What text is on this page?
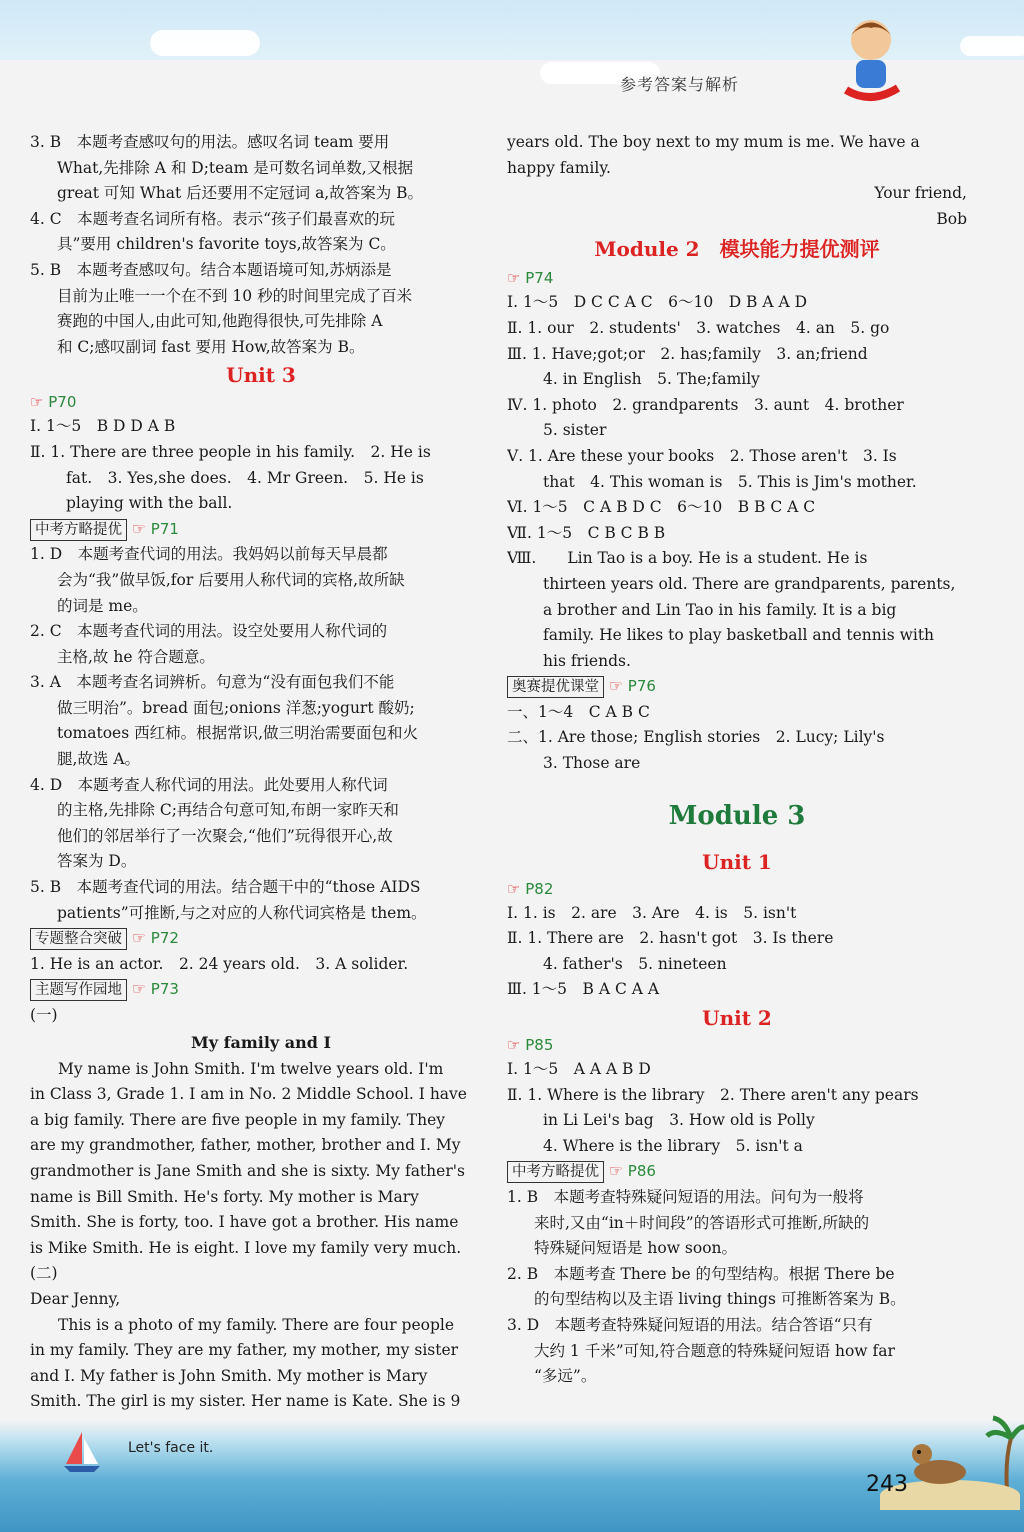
参考答案与解析
3. B　本题考查感叹句的用法。感叹名词 team 要用
What,先排除 A 和 D;team 是可数名词单数,又根据
great 可知 What 后还要用不定冠词 a,故答案为 B。
4. C　本题考查名词所有格。表示“孩子们最喜欢的玩
具”要用 children's favorite toys,故答案为 C。
5. B　本题考查感叹句。结合本题语境可知,苏炳添是
目前为止唯一一个在不到 10 秒的时间里完成了百米
赛跑的中国人,由此可知,他跑得很快,可先排除 A
和 C;感叹副词 fast 要用 How,故答案为 B。
Unit 3
☞ P70
Ⅰ. 1～5　B D D A B
Ⅱ. 1. There are three people in his family.　2. He is
fat.　3. Yes,she does.　4. Mr Green.　5. He is
playing with the ball.
中考方略提优 ☞ P71
1. D　本题考查代词的用法。我妈妈以前每天早晨都
会为“我”做早饭,for 后要用人称代词的宾格,故所缺
的词是 me。
2. C　本题考查代词的用法。设空处要用人称代词的
主格,故 he 符合题意。
3. A　本题考查名词辨析。句意为“没有面包我们不能
做三明治”。bread 面包;onions 洋葱;yogurt 酸奶;
tomatoes 西红柿。根据常识,做三明治需要面包和火
腿,故选 A。
4. D　本题考查人称代词的用法。此处要用人称代词
的主格,先排除 C;再结合句意可知,布朗一家昨天和
他们的邻居举行了一次聚会,“他们”玩得很开心,故
答案为 D。
5. B　本题考查代词的用法。结合题干中的“those AIDS
patients”可推断,与之对应的人称代词宾格是 them。
专题整合突破 ☞ P72
1. He is an actor.　2. 24 years old.　3. A solider.
主题写作园地 ☞ P73
(一)
My family and I
My name is John Smith. I'm twelve years old. I'm
in Class 3, Grade 1. I am in No. 2 Middle School. I have
a big family. There are five people in my family. They
are my grandmother, father, mother, brother and I. My
grandmother is Jane Smith and she is sixty. My father's
name is Bill Smith. He's forty. My mother is Mary
Smith. She is forty, too. I have got a brother. His name
is Mike Smith. He is eight. I love my family very much.
(二)
Dear Jenny,
This is a photo of my family. There are four people
in my family. They are my father, my mother, my sister
and I. My father is John Smith. My mother is Mary
Smith. The girl is my sister. Her name is Kate. She is 9
years old. The boy next to my mum is me. We have a
happy family.
Your friend,
Bob
Module 2　模块能力提优测评
☞ P74
Ⅰ. 1～5　D C C A C　6～10　D B A A D
Ⅱ. 1. our　2. students'　3. watches　4. an　5. go
Ⅲ. 1. Have;got;or　2. has;family　3. an;friend
4. in English　5. The;family
Ⅳ. 1. photo　2. grandparents　3. aunt　4. brother
5. sister
Ⅴ. 1. Are these your books　2. Those aren't　3. Is
that　4. This woman is　5. This is Jim's mother.
Ⅵ. 1～5　C A B D C　6～10　B B C A C
Ⅶ. 1～5　C B C B B
Ⅷ.　　Lin Tao is a boy. He is a student. He is
thirteen years old. There are grandparents, parents,
a brother and Lin Tao in his family. It is a big
family. He likes to play basketball and tennis with
his friends.
奥赛提优课堂 ☞ P76
一、1～4　C A B C
二、1. Are those; English stories　2. Lucy; Lily's
3. Those are
Module 3
Unit 1
☞ P82
Ⅰ. 1. is　2. are　3. Are　4. is　5. isn't
Ⅱ. 1. There are　2. hasn't got　3. Is there
4. father's　5. nineteen
Ⅲ. 1～5　B A C A A
Unit 2
☞ P85
Ⅰ. 1～5　A A A B D
Ⅱ. 1. Where is the library　2. There aren't any pears
in Li Lei's bag　3. How old is Polly
4. Where is the library　5. isn't a
中考方略提优 ☞ P86
1. B　本题考查特殊疑问短语的用法。问句为一般将
来时,又由“in＋时间段”的答语形式可推断,所缺的
特殊疑问短语是 how soon。
2. B　本题考查 There be 的句型结构。根据 There be
的句型结构以及主语 living things 可推断答案为 B。
3. D　本题考查特殊疑问短语的用法。结合答语“只有
大约 1 千米”可知,符合题意的特殊疑问短语 how far
“多远”。
Let's face it.
243
